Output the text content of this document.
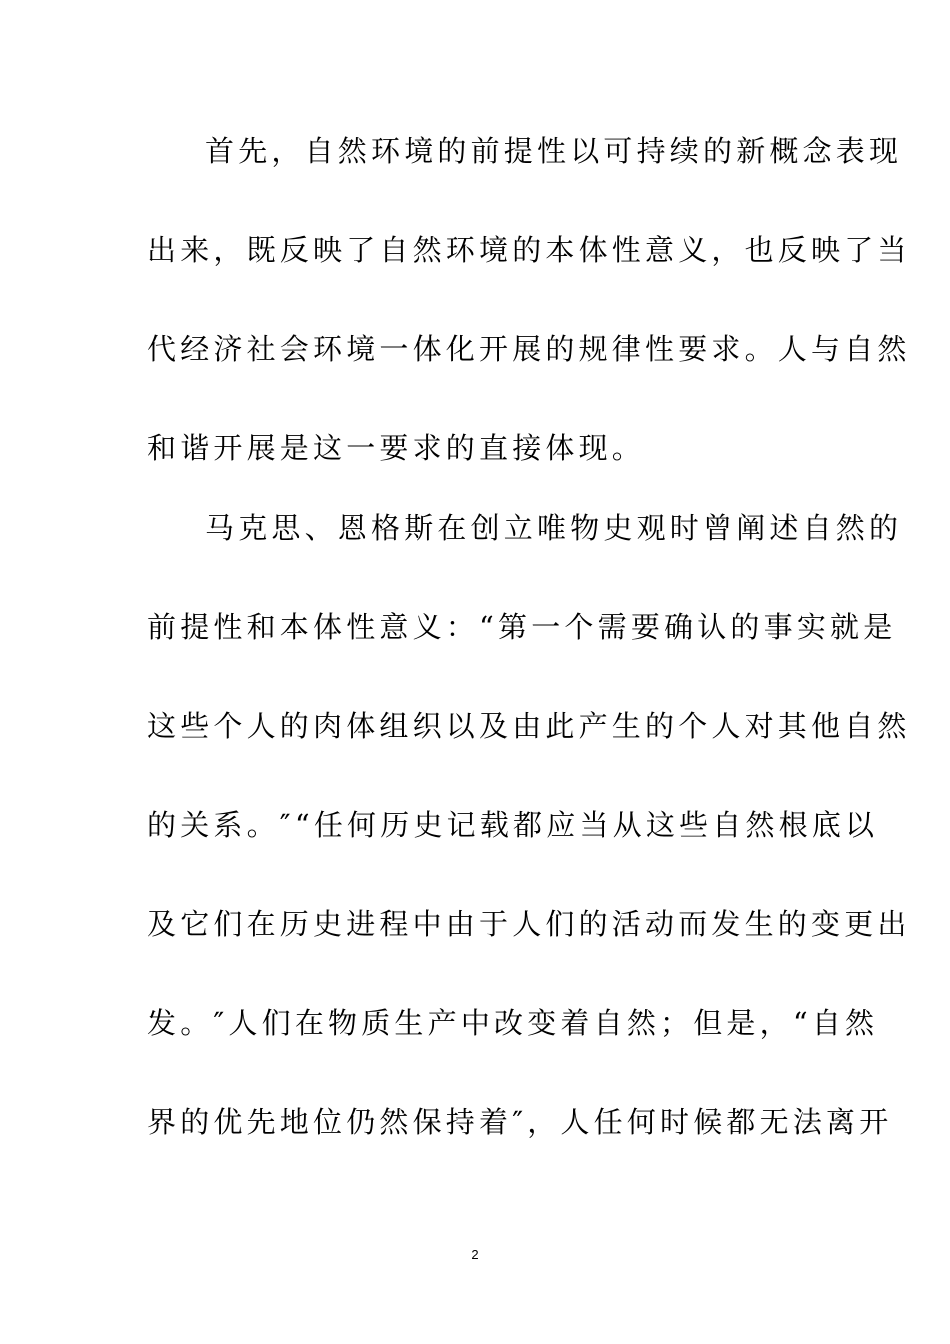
首先，自然环境的前提性以可持续的新概念表现
出来，既反映了自然环境的本体性意义，也反映了当
代经济社会环境一体化开展的规律性要求。人与自然
和谐开展是这一要求的直接体现。
马克思、恩格斯在创立唯物史观时曾阐述自然的
前提性和本体性意义：“第一个需要确认的事实就是
这些个人的肉体组织以及由此产生的个人对其他自然
的关系。″“任何历史记载都应当从这些自然根底以
及它们在历史进程中由于人们的活动而发生的变更出
发。″人们在物质生产中改变着自然；但是，“自然
界的优先地位仍然保持着″，人任何时候都无法离开
2
